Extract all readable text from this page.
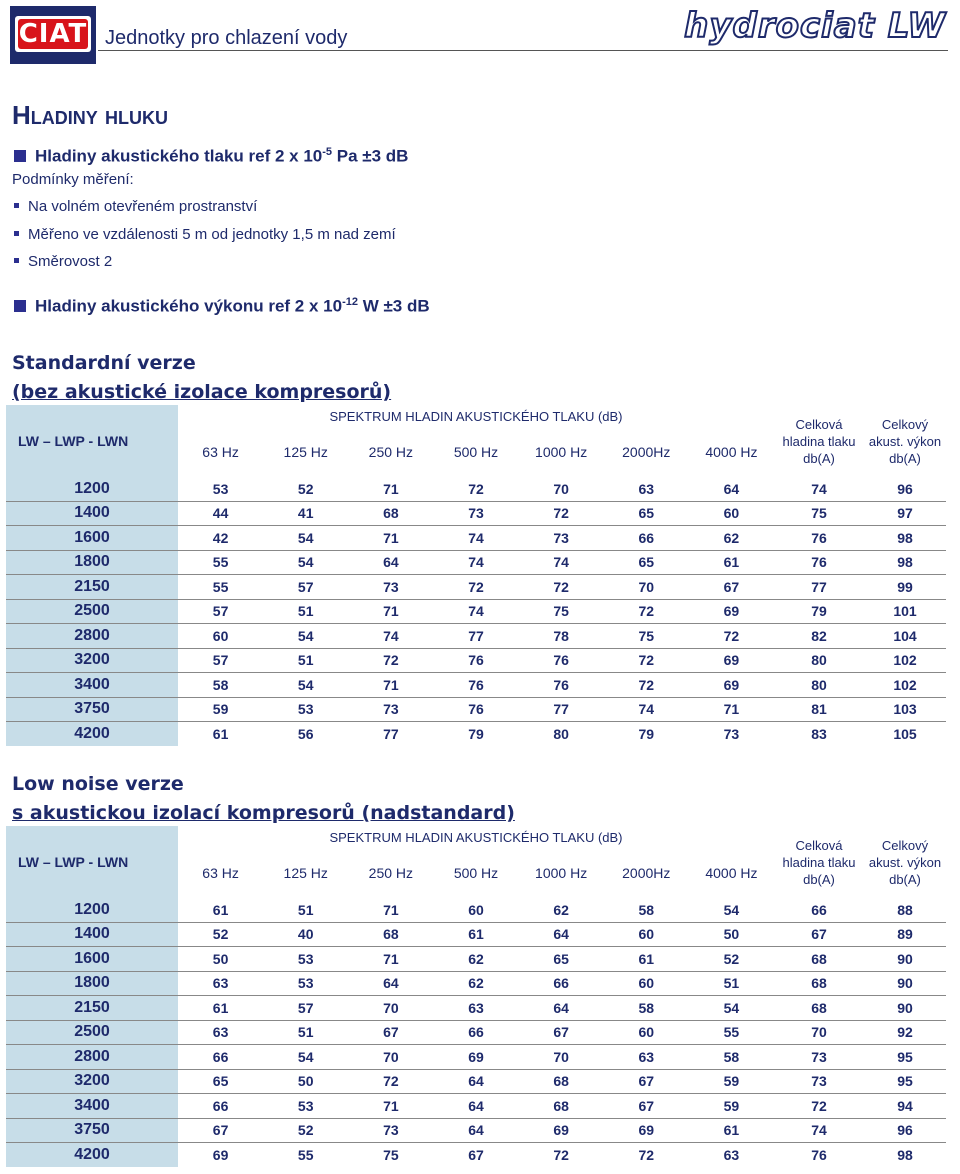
CIAT Jednotky pro chlazení vody	hydrociat LW
Hladiny hluku
Hladiny akustického tlaku ref 2 x $10^{-5}$ Pa ±3 dB
Podmínky měření:
Na volném otevřeném prostranství
Měřeno ve vzdálenosti 5 m od jednotky 1,5 m nad zemí
Směrovost 2
Hladiny akustického výkonu ref 2 x $10^{-12}$ W ±3 dB
Standardní verze
(bez akustické izolace kompresorů)
LW – LWP - LWN	SPEKTRUM HLADIN AKUSTICKÉHO TLAKU (dB)							Celková hladina tlaku db(A)	Celkový akust. výkon db(A)
	63 Hz	125 Hz	250 Hz	500 Hz	1000 Hz	2000Hz	4000 Hz		
1200	53	52	71	72	70	63	64	74	96
1400	44	41	68	73	72	65	60	75	97
1600	42	54	71	74	73	66	62	76	98
1800	55	54	64	74	74	65	61	76	98
2150	55	57	73	72	72	70	67	77	99
2500	57	51	71	74	75	72	69	79	101
2800	60	54	74	77	78	75	72	82	104
3200	57	51	72	76	76	72	69	80	102
3400	58	54	71	76	76	72	69	80	102
3750	59	53	73	76	77	74	71	81	103
4200	61	56	77	79	80	79	73	83	105
Low noise verze
s akustickou izolací kompresorů (nadstandard)
LW – LWP - LWN	SPEKTRUM HLADIN AKUSTICKÉHO TLAKU (dB)							Celková hladina tlaku db(A)	Celkový akust. výkon db(A)
	63 Hz	125 Hz	250 Hz	500 Hz	1000 Hz	2000Hz	4000 Hz		
1200	61	51	71	60	62	58	54	66	88
1400	52	40	68	61	64	60	50	67	89
1600	50	53	71	62	65	61	52	68	90
1800	63	53	64	62	66	60	51	68	90
2150	61	57	70	63	64	58	54	68	90
2500	63	51	67	66	67	60	55	70	92
2800	66	54	70	69	70	63	58	73	95
3200	65	50	72	64	68	67	59	73	95
3400	66	53	71	64	68	67	59	72	94
3750	67	52	73	64	69	69	61	74	96
4200	69	55	75	67	72	72	63	76	98
